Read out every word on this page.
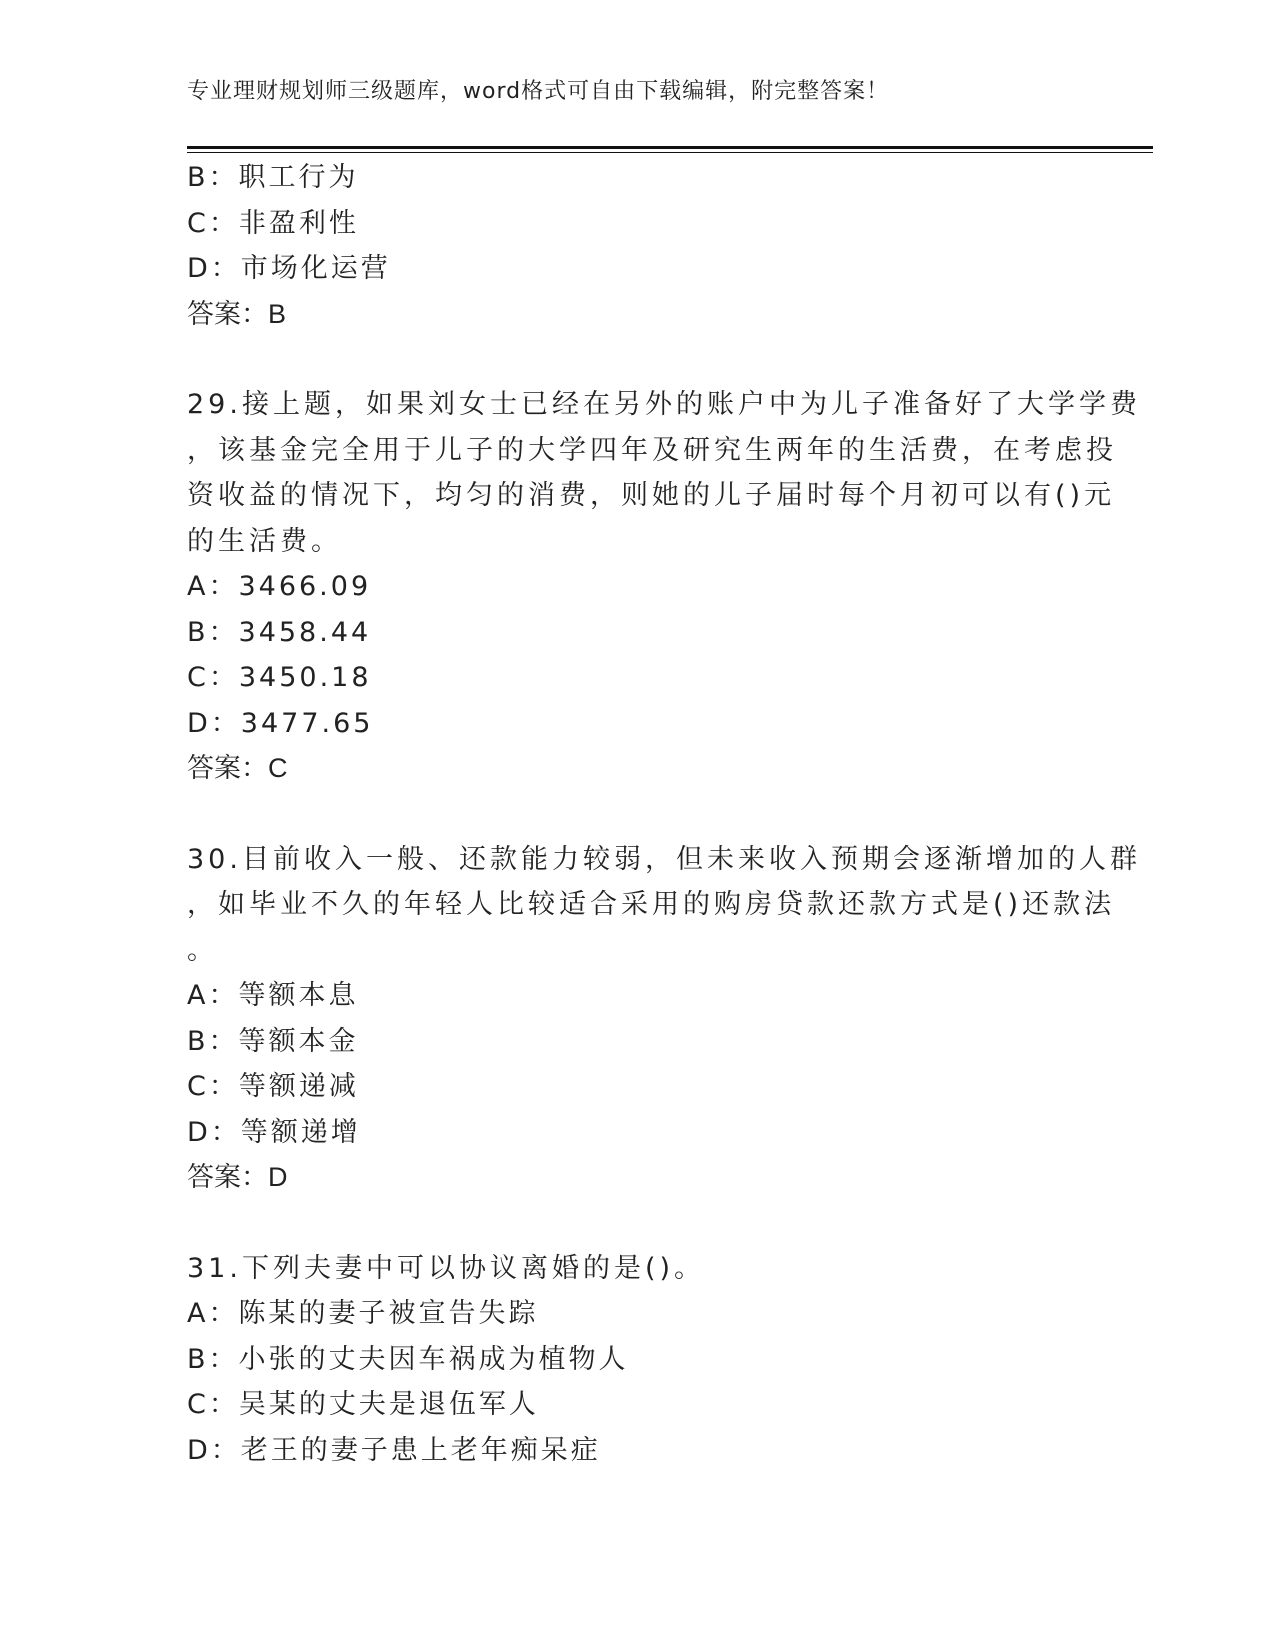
专业理财规划师三级题库，word格式可自由下载编辑，附完整答案！
B：职工行为
C：非盈利性
D：市场化运营
答案：B
29.接上题，如果刘女士已经在另外的账户中为儿子准备好了大学学费
，该基金完全用于儿子的大学四年及研究生两年的生活费，在考虑投
资收益的情况下，均匀的消费，则她的儿子届时每个月初可以有()元
的生活费。
A：3466.09
B：3458.44
C：3450.18
D：3477.65
答案：C
30.目前收入一般、还款能力较弱，但未来收入预期会逐渐增加的人群
，如毕业不久的年轻人比较适合采用的购房贷款还款方式是()还款法
。
A：等额本息
B：等额本金
C：等额递减
D：等额递增
答案：D
31.下列夫妻中可以协议离婚的是()。
A：陈某的妻子被宣告失踪
B：小张的丈夫因车祸成为植物人
C：吴某的丈夫是退伍军人
D：老王的妻子患上老年痴呆症
